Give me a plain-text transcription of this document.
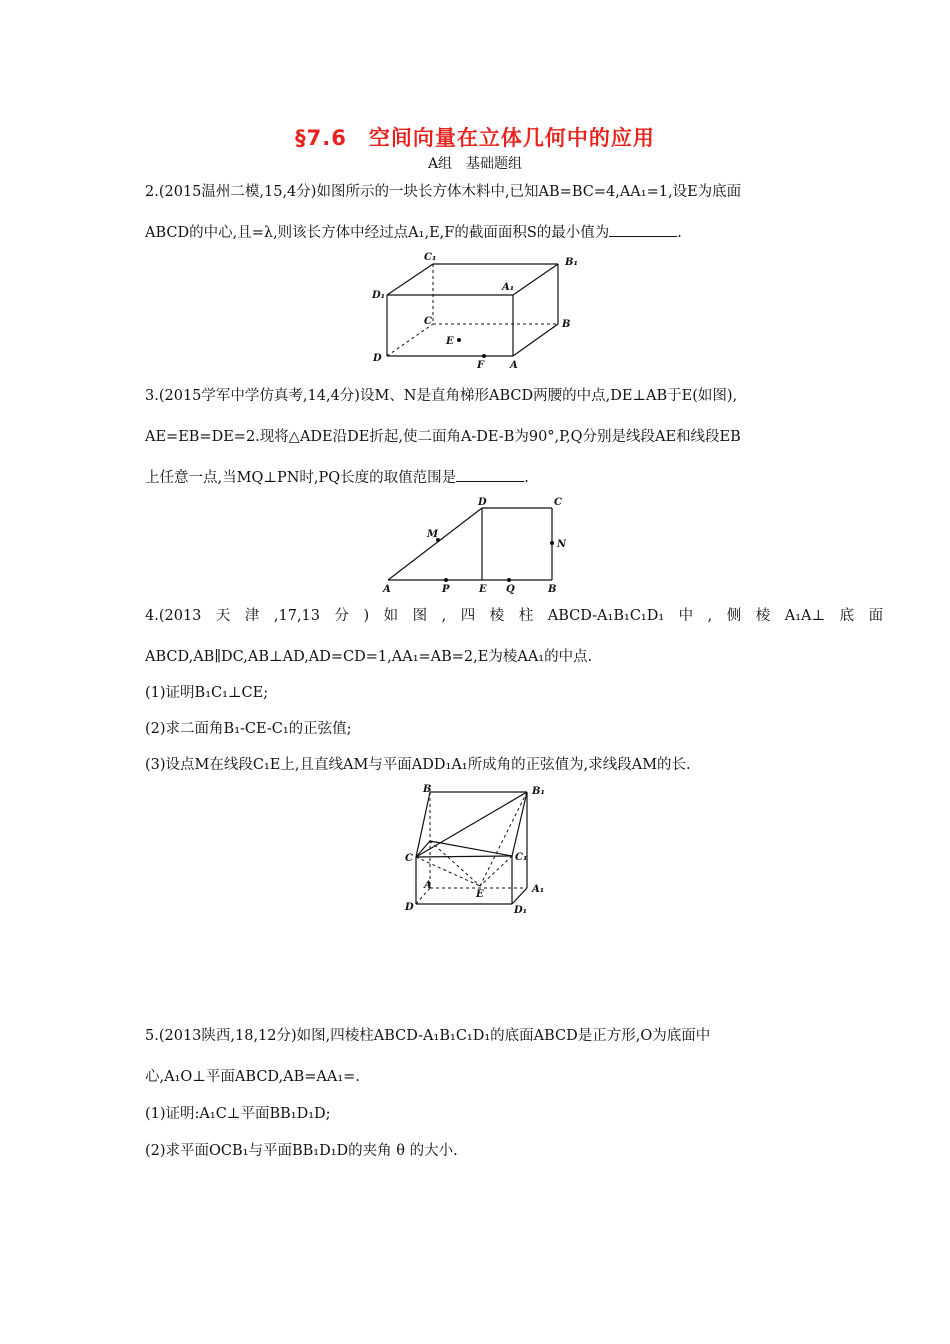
§7.6　空间向量在立体几何中的应用
A组　基础题组
2.(2015温州二模,15,4分)如图所示的一块长方体木料中,已知AB=BC=4,AA₁=1,设E为底面
ABCD的中心,且=λ,则该长方体中经过点A₁,E,F的截面面积S的最小值为	.
C₁	B₁
D₁
A₁
C	B
E
D
F	A
3.(2015学军中学仿真考,14,4分)设M、N是直角梯形ABCD两腰的中点,DE⊥AB于E(如图),
AE=EB=DE=2.现将△ADE沿DE折起,使二面角A-DE-B为90°,P,Q分别是线段AE和线段EB
上任意一点,当MQ⊥PN时,PQ长度的取值范围是	.
D	C
M
N
A	P	E Q	B
4.(2013　天　津　,17,13　分　)　如　图　,　四　棱　柱　ABCD-A₁B₁C₁D₁　中　,　侧　棱　A₁A⊥　底　面
ABCD,AB∥DC,AB⊥AD,AD=CD=1,AA₁=AB=2,E为棱AA₁的中点.
(1)证明B₁C₁⊥CE;
(2)求二面角B₁-CE-C₁的正弦值;
(3)设点M在线段C₁E上,且直线AM与平面ADD₁A₁所成角的正弦值为,求线段AM的长.
B	B₁
C	C₁
A
E	A₁
D	D₁
5.(2013陕西,18,12分)如图,四棱柱ABCD-A₁B₁C₁D₁的底面ABCD是正方形,O为底面中
心,A₁O⊥平面ABCD,AB=AA₁=.
(1)证明:A₁C⊥平面BB₁D₁D;
(2)求平面OCB₁与平面BB₁D₁D的夹角 θ 的大小.
